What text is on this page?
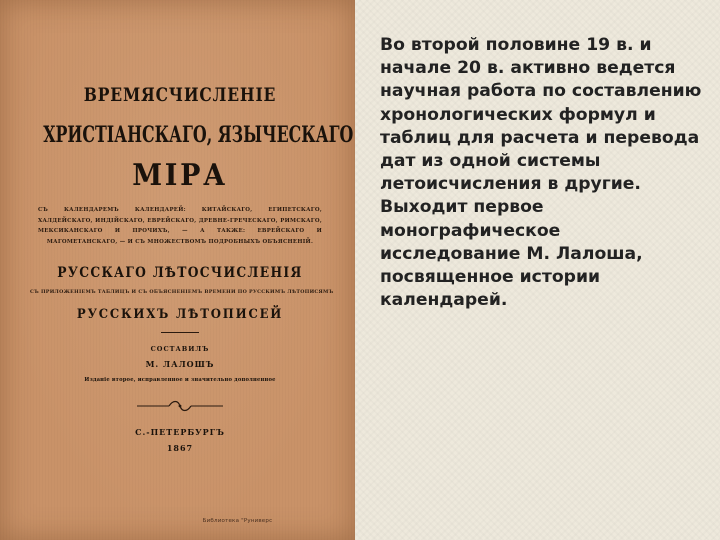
ВРЕМЯСЧИСЛЕНІЕ
ХРИСТІАНСКАГО, ЯЗЫЧЕСКАГО
МІРА
СЪ КАЛЕНДАРЕМЪ КАЛЕНДАРЕЙ: КИТАЙСКАГО, ЕГИПЕТСКАГО, ХАЛДЕЙСКАГО, ИНДІЙСКАГО, ЕВРЕЙСКАГО, ДРЕВНЕ-ГРЕЧЕСКАГО, РИМСКАГО, МЕКСИКАНСКАГО И ПРОЧИХЪ, — А ТАКЖЕ: ЕВРЕЙСКАГО И МАГОМЕТАНСКАГО, — И СЪ МНОЖЕСТВОМЪ ПОДРОБНЫХЪ ОБЪЯСНЕНІЙ.
РУССКАГО ЛѢТОСЧИСЛЕНІЯ
СЪ ПРИЛОЖЕНІЕМЪ ТАБЛИЦЪ И СЪ ОБЪЯСНЕНІЕМЪ ВРЕМЕНИ ПО РУССКИМЪ ЛѢТОПИСЯМЪ
РУССКИХЪ ЛѢТОПИСЕЙ
СОСТАВИЛЪ
М. ЛАЛОШЪ
Изданіе второе, исправленное и значительно дополненное
С.-ПЕТЕРБУРГЪ
1867
Библиотека "Руниверс

Во второй половине 19 в. и начале 20 в. активно ведется научная работа по составлению хронологических формул и таблиц для расчета и перевода дат из одной системы летоисчисления в другие. Выходит первое монографическое исследование М. Лалоша, посвященное истории календарей.
